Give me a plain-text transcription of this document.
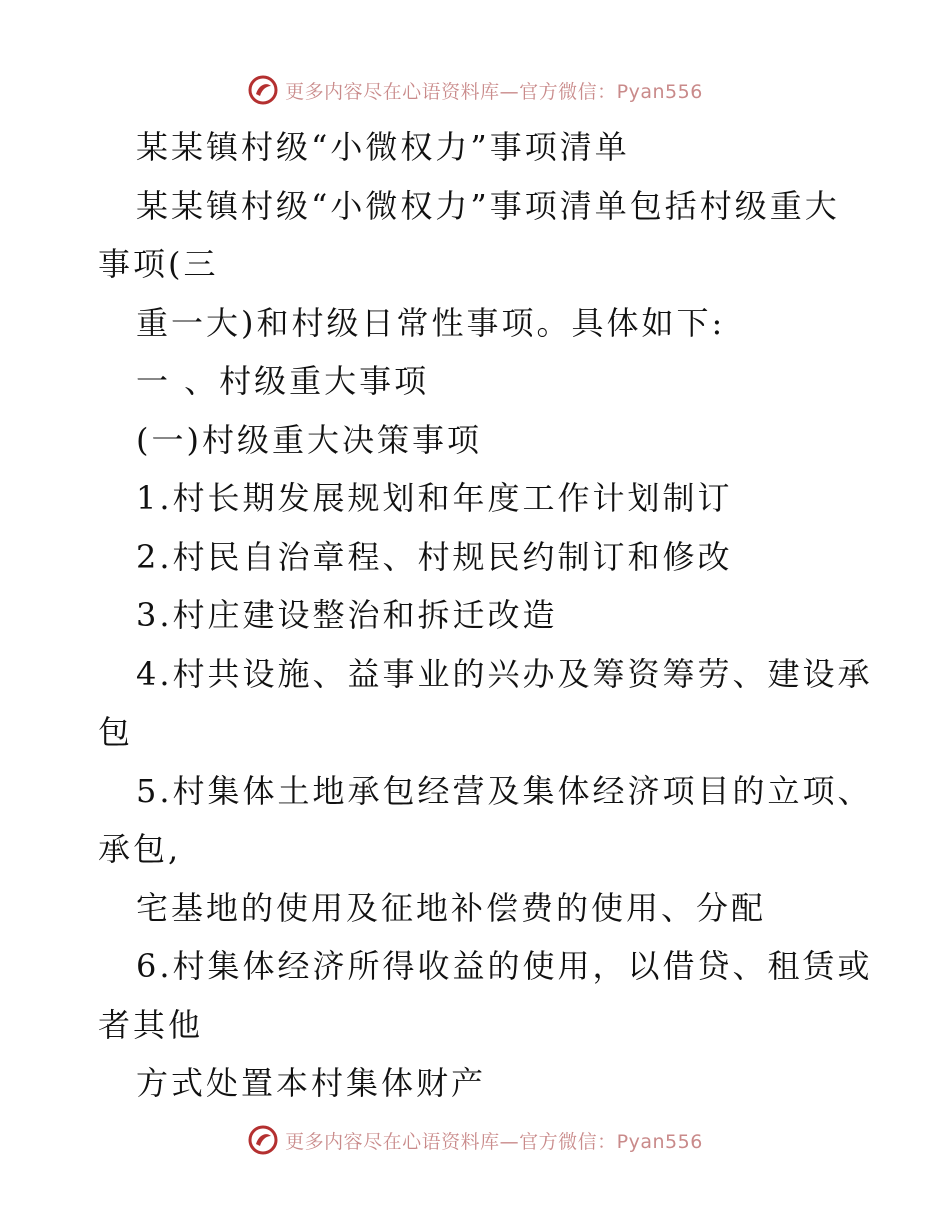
更多内容尽在心语资料库—官方微信：Pyan556
某某镇村级“小微权力”事项清单
某某镇村级“小微权力”事项清单包括村级重大
事项(三
重一大)和村级日常性事项。具体如下:
一 、村级重大事项
(一)村级重大决策事项
1.村长期发展规划和年度工作计划制订
2.村民自治章程、村规民约制订和修改
3.村庄建设整治和拆迁改造
4.村共设施、益事业的兴办及筹资筹劳、建设承
包
5.村集体土地承包经营及集体经济项目的立项、
承包,
宅基地的使用及征地补偿费的使用、分配
6.村集体经济所得收益的使用，以借贷、租赁或
者其他
方式处置本村集体财产
更多内容尽在心语资料库—官方微信：Pyan556
